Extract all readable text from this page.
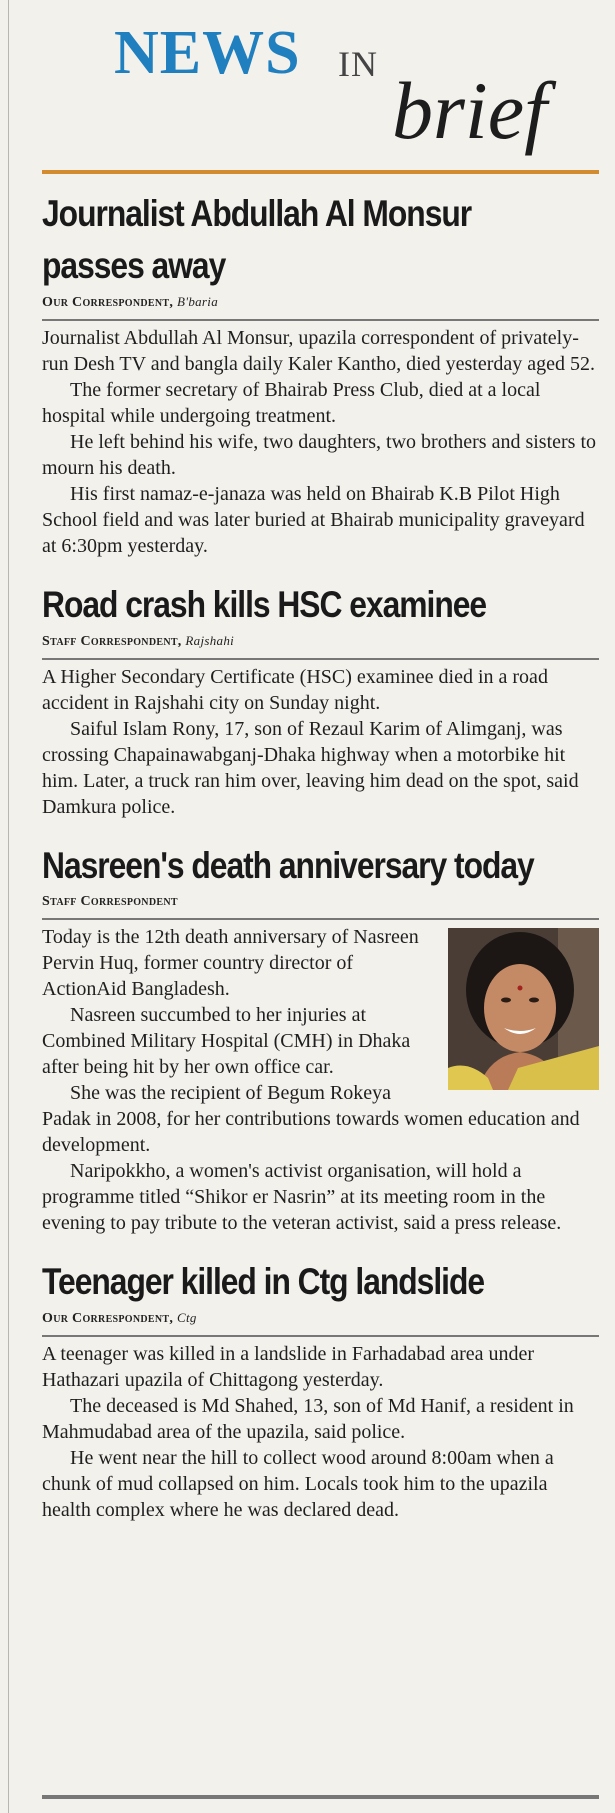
NEWS IN
brief
Journalist Abdullah Al Monsur
passes away

Our Correspondent, B'baria

Journalist Abdullah Al Monsur, upazila correspondent of privately-run Desh TV and bangla daily Kaler Kantho, died yesterday aged 52.

The former secretary of Bhairab Press Club, died at a local hospital while undergoing treatment.

He left behind his wife, two daughters, two brothers and sisters to mourn his death.

His first namaz-e-janaza was held on Bhairab K.B Pilot High School field and was later buried at Bhairab municipality graveyard at 6:30pm yesterday.

Road crash kills HSC examinee

Staff Correspondent, Rajshahi

A Higher Secondary Certificate (HSC) examinee died in a road accident in Rajshahi city on Sunday night.

Saiful Islam Rony, 17, son of Rezaul Karim of Alimganj, was crossing Chapainawabganj-Dhaka highway when a motorbike hit him. Later, a truck ran him over, leaving him dead on the spot, said Damkura police.

Nasreen's death anniversary today

Staff Correspondent

Today is the 12th death anniversary of Nasreen Pervin Huq, former country director of ActionAid Bangladesh.

Nasreen succumbed to her injuries at Combined Military Hospital (CMH) in Dhaka after being hit by her own office car.

She was the recipient of Begum Rokeya Padak in 2008, for her contributions towards women education and development.

Naripokkho, a women's activist organisation, will hold a programme titled “Shikor er Nasrin” at its meeting room in the evening to pay tribute to the veteran activist, said a press release.

Teenager killed in Ctg landslide

Our Correspondent, Ctg

A teenager was killed in a landslide in Farhadabad area under Hathazari upazila of Chittagong yesterday.

The deceased is Md Shahed, 13, son of Md Hanif, a resident in Mahmudabad area of the upazila, said police.

He went near the hill to collect wood around 8:00am when a chunk of mud collapsed on him. Locals took him to the upazila health complex where he was declared dead.
